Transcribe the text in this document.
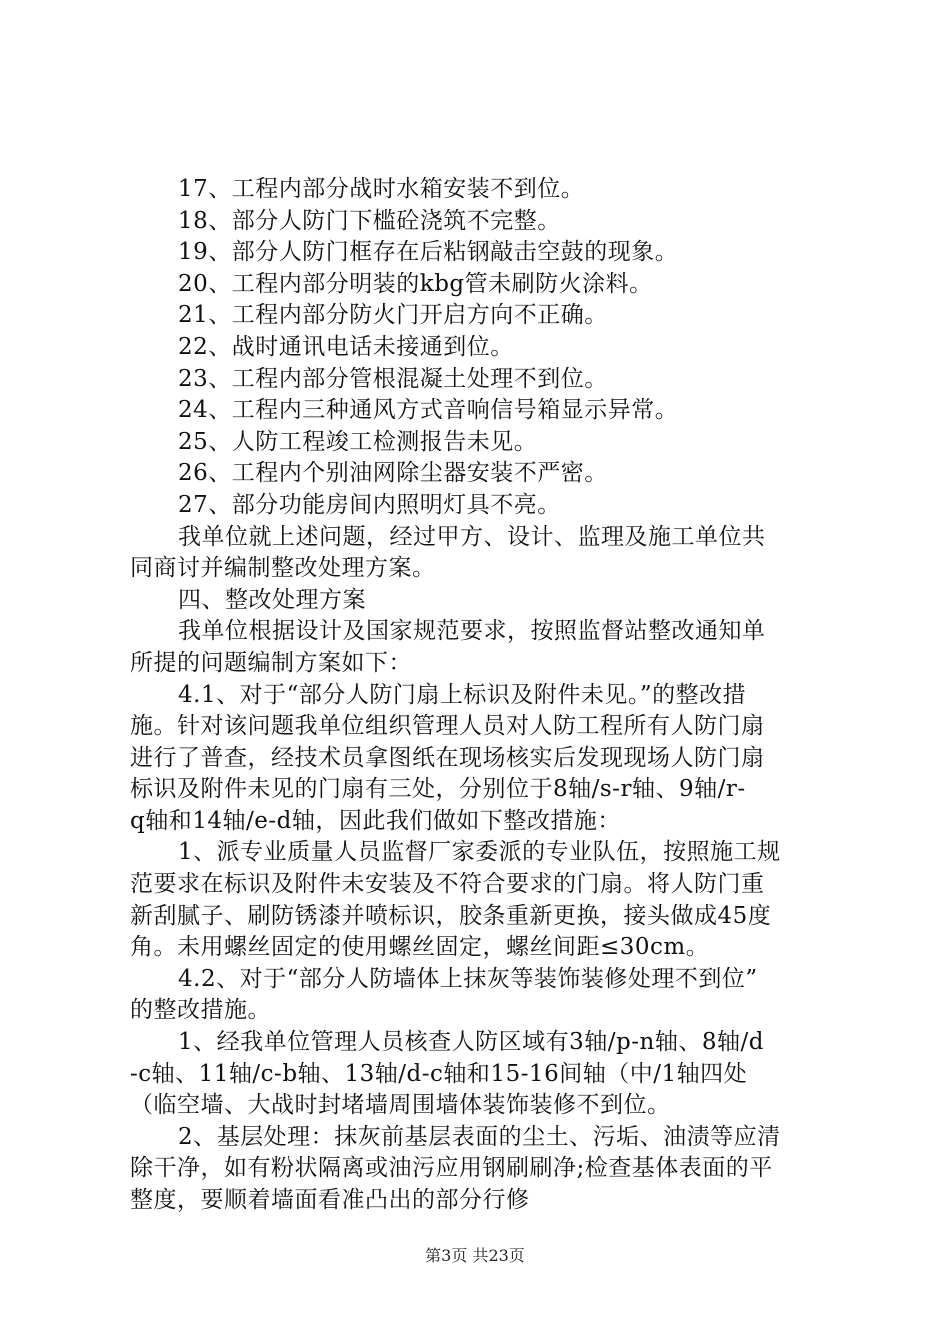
17、工程内部分战时水箱安装不到位。
18、部分人防门下槛砼浇筑不完整。
19、部分人防门框存在后粘钢敲击空鼓的现象。
20、工程内部分明装的kbg管未刷防火涂料。
21、工程内部分防火门开启方向不正确。
22、战时通讯电话未接通到位。
23、工程内部分管根混凝土处理不到位。
24、工程内三种通风方式音响信号箱显示异常。
25、人防工程竣工检测报告未见。
26、工程内个别油网除尘器安装不严密。
27、部分功能房间内照明灯具不亮。
我单位就上述问题，经过甲方、设计、监理及施工单位共
同商讨并编制整改处理方案。
四、整改处理方案
我单位根据设计及国家规范要求，按照监督站整改通知单
所提的问题编制方案如下：
4.1、对于“部分人防门扇上标识及附件未见。”的整改措
施。针对该问题我单位组织管理人员对人防工程所有人防门扇
进行了普查，经技术员拿图纸在现场核实后发现现场人防门扇
标识及附件未见的门扇有三处，分别位于8轴/s-r轴、9轴/r-
q轴和14轴/e-d轴，因此我们做如下整改措施：
1、派专业质量人员监督厂家委派的专业队伍，按照施工规
范要求在标识及附件未安装及不符合要求的门扇。将人防门重
新刮腻子、刷防锈漆并喷标识，胶条重新更换，接头做成45度
角。未用螺丝固定的使用螺丝固定，螺丝间距≤30cm。
4.2、对于“部分人防墙体上抹灰等装饰装修处理不到位”
的整改措施。
1、经我单位管理人员核查人防区域有3轴/p-n轴、8轴/d
-c轴、11轴/c-b轴、13轴/d-c轴和15-16间轴（中/1轴四处
（临空墙、大战时封堵墙周围墙体装饰装修不到位。
2、基层处理：抹灰前基层表面的尘土、污垢、油渍等应清
除干净，如有粉状隔离或油污应用钢刷刷净;检查基体表面的平
整度，要顺着墙面看准凸出的部分行修
第3页 共23页
